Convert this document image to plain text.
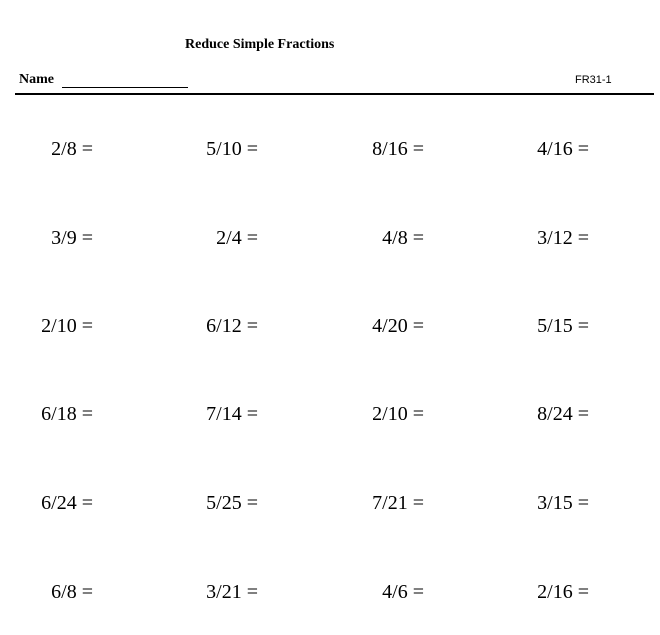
Reduce Simple Fractions
Name	FR31-1
2/8 =	5/10 =	8/16 =	4/16 =
3/9 =	2/4 =	4/8 =	3/12 =
2/10 =	6/12 =	4/20 =	5/15 =
6/18 =	7/14 =	2/10 =	8/24 =
6/24 =	5/25 =	7/21 =	3/15 =
6/8 =	3/21 =	4/6 =	2/16 =
